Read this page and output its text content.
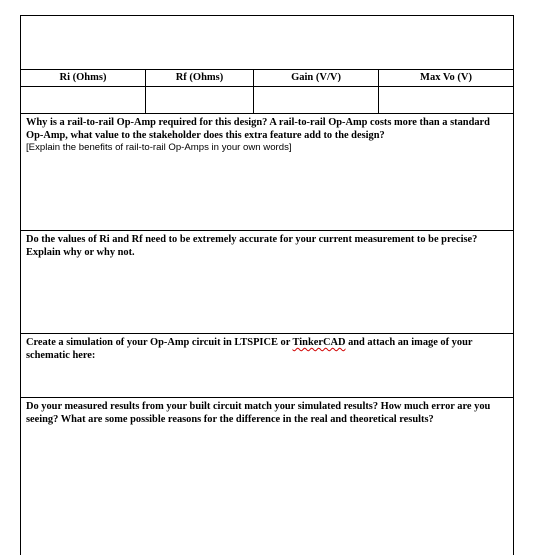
Ri (Ohms)	Rf (Ohms)	Gain (V/V)	Max Vo (V)

Why is a rail-to-rail Op-Amp required for this design? A rail-to-rail Op-Amp costs more than a standard Op-Amp, what value to the stakeholder does this extra feature add to the design?

[Explain the benefits of rail-to-rail Op-Amps in your own words]

Do the values of Ri and Rf need to be extremely accurate for your current measurement to be precise? Explain why or why not.

Create a simulation of your Op-Amp circuit in LTSPICE or TinkerCAD and attach an image of your schematic here:

Do your measured results from your built circuit match your simulated results? How much error are you seeing? What are some possible reasons for the difference in the real and theoretical results?
